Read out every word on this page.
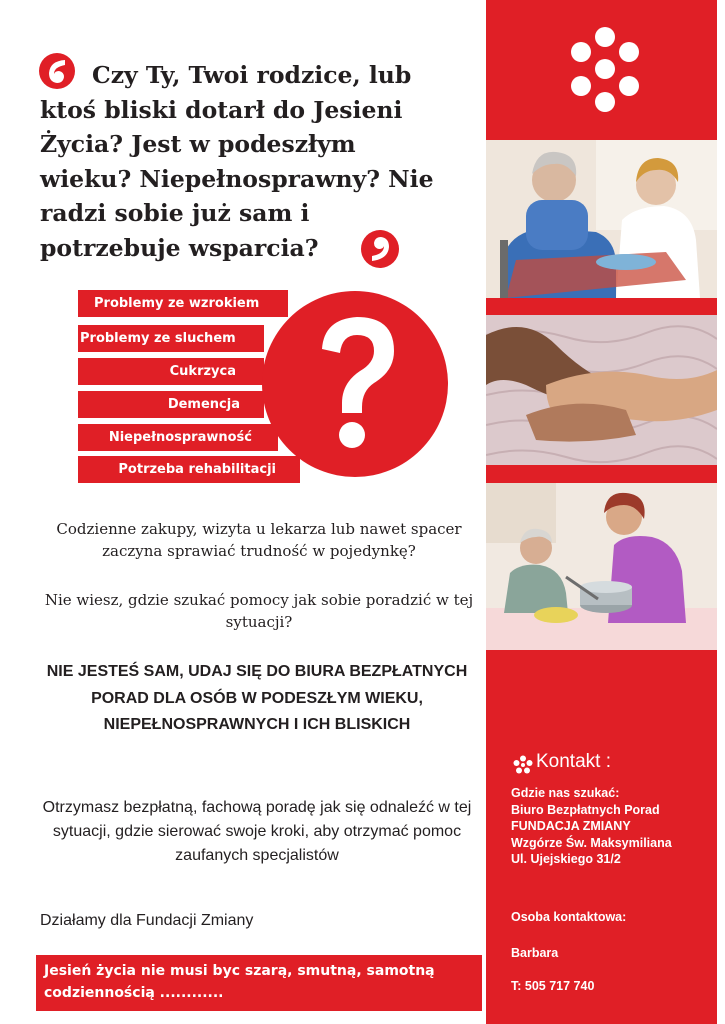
Kontakt :
Gdzie nas szukać:
Biuro Bezpłatnych Porad
FUNDACJA ZMIANY
Wzgórze Św. Maksymiliana
Ul. Ujejskiego 31/2
Osoba kontaktowa:
Barbara
T: 505 717 740
Czy Ty, Twoi rodzice, lub
ktoś bliski dotarł do Jesieni
Życia? Jest w podeszłym
wieku? Niepełnosprawny? Nie
radzi sobie już sam i
potrzebuje wsparcia?
Problemy ze wzrokiem
Problemy ze sluchem
Cukrzyca
Demencja
Niepełnosprawność
Potrzeba rehabilitacji
Codzienne zakupy, wizyta u lekarza lub nawet spacer zaczyna sprawiać trudność w pojedynkę?
Nie wiesz, gdzie szukać pomocy jak sobie poradzić w tej sytuacji?
NIE JESTEŚ SAM, UDAJ SIĘ DO BIURA BEZPŁATNYCH PORAD DLA OSÓB W PODESZŁYM WIEKU, NIEPEŁNOSPRAWNYCH I ICH BLISKICH
Otrzymasz bezpłatną, fachową poradę jak się odnaleźć w tej sytuacji, gdzie sierować swoje kroki, aby otrzymać pomoc zaufanych specjalistów
Działamy dla Fundacji Zmiany
Jesień życia nie musi byc szarą, smutną, samotną codziennością ............
